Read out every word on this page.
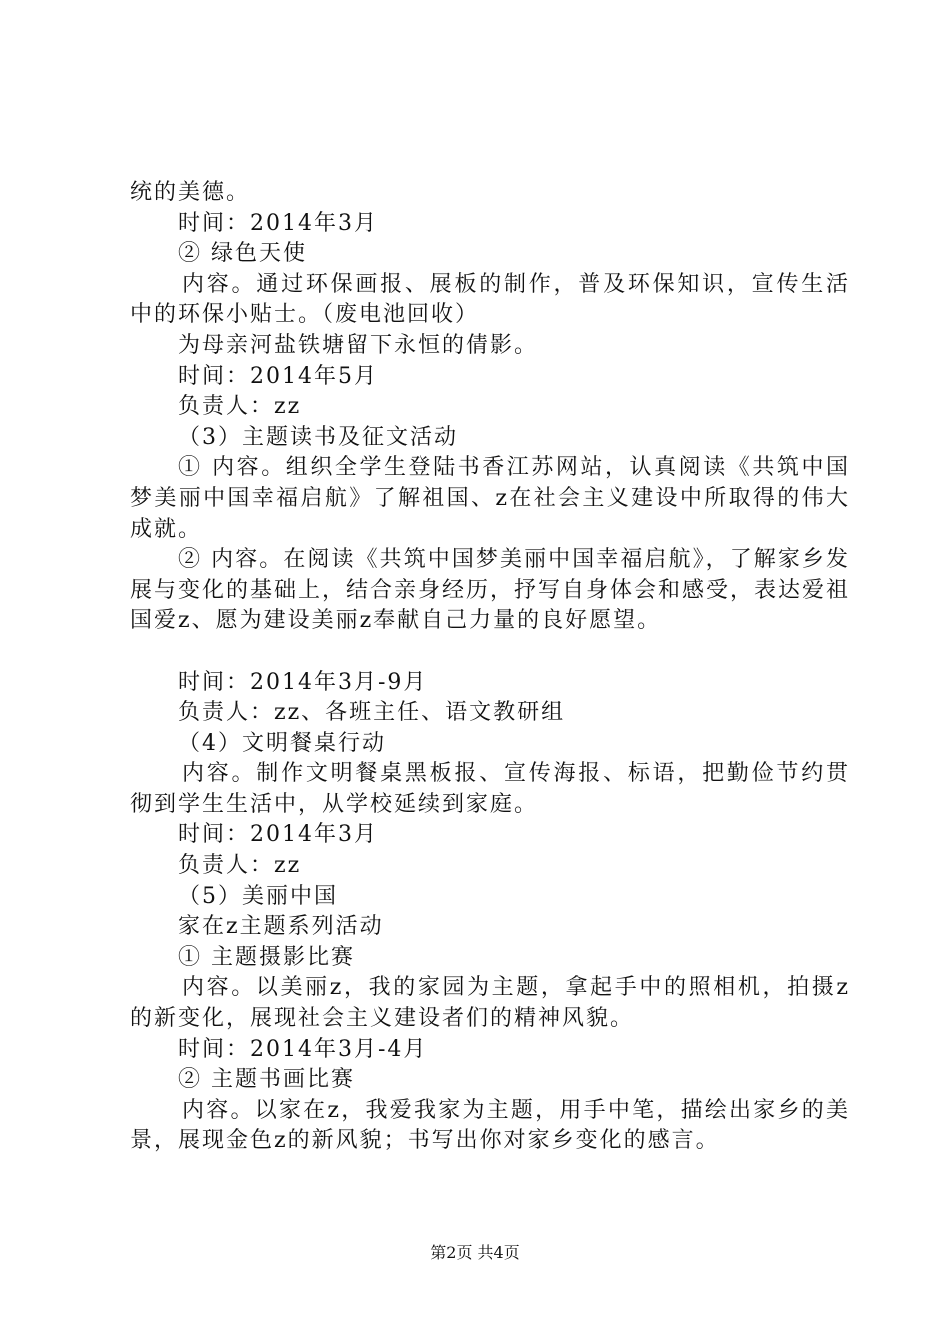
统的美德。
时间：2014年3月
② 绿色天使
内容。通过环保画报、展板的制作，普及环保知识，宣传生活中的环保小贴士。（废电池回收）
为母亲河盐铁塘留下永恒的倩影。
时间：2014年5月
负责人：zz
（3）主题读书及征文活动
① 内容。组织全学生登陆书香江苏网站，认真阅读《共筑中国梦美丽中国幸福启航》了解祖国、z在社会主义建设中所取得的伟大成就。
② 内容。在阅读《共筑中国梦美丽中国幸福启航》，了解家乡发展与变化的基础上，结合亲身经历，抒写自身体会和感受，表达爱祖国爱z、愿为建设美丽z奉献自己力量的良好愿望。
时间：2014年3月-9月
负责人：zz、各班主任、语文教研组
（4）文明餐桌行动
内容。制作文明餐桌黑板报、宣传海报、标语，把勤俭节约贯彻到学生生活中，从学校延续到家庭。
时间：2014年3月
负责人：zz
（5）美丽中国
家在z主题系列活动
① 主题摄影比赛
内容。以美丽z，我的家园为主题，拿起手中的照相机，拍摄z的新变化，展现社会主义建设者们的精神风貌。
时间：2014年3月-4月
② 主题书画比赛
内容。以家在z，我爱我家为主题，用手中笔，描绘出家乡的美景，展现金色z的新风貌；书写出你对家乡变化的感言。
第2页 共4页
